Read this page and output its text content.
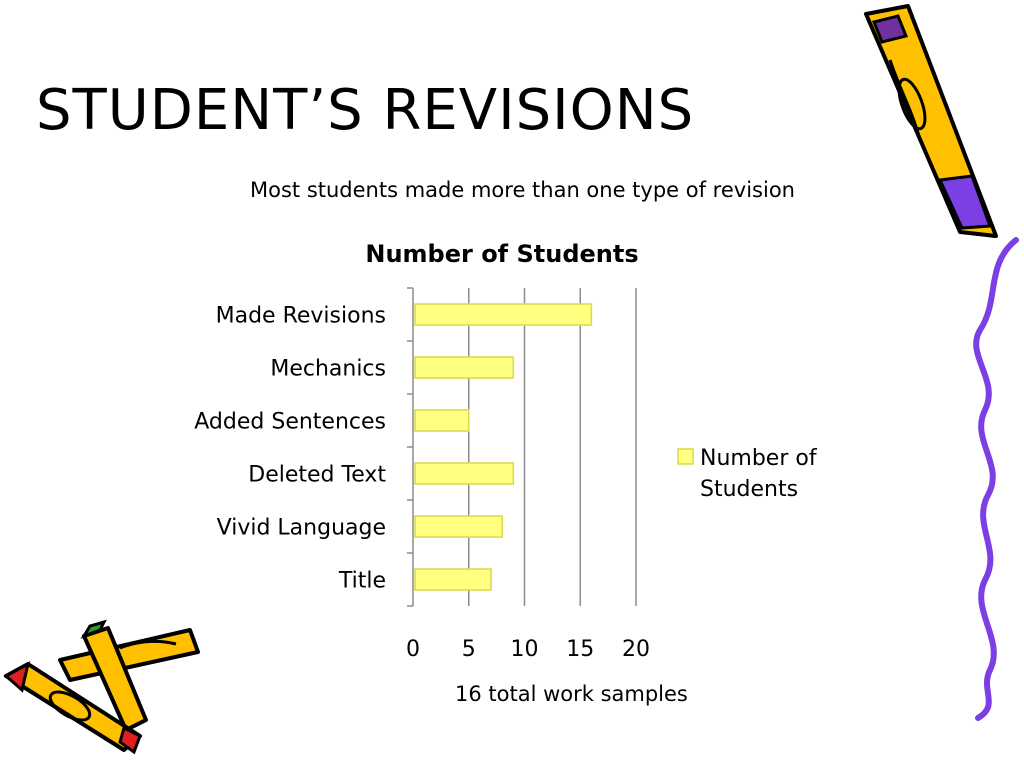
STUDENT’S REVISIONS
Most students made more than one type of revision
Number of Students
Made Revisions
Mechanics
Added Sentences
Deleted Text
Vivid Language
Title
0 5 10 15 20
Number of
Students
16 total work samples
